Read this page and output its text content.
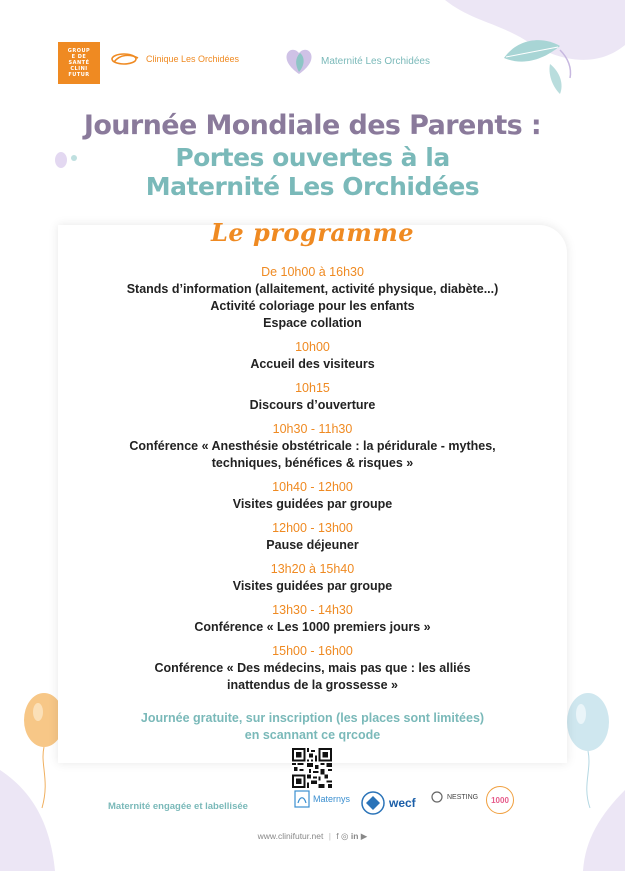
GROUP
E DE
SANTÉ
CLINI
FUTUR
Clinique Les Orchidées	Maternité Les Orchidées
Journée Mondiale des Parents :
Portes ouvertes à la
Maternité Les Orchidées
Le programme
De 10h00 à 16h30
Stands d’information (allaitement, activité physique, diabète...)
Activité coloriage pour les enfants
Espace collation
10h00
Accueil des visiteurs
10h15
Discours d’ouverture
10h30 - 11h30
Conférence « Anesthésie obstétricale : la péridurale - mythes,
techniques, bénéfices & risques »
10h40 - 12h00
Visites guidées par groupe
12h00 - 13h00
Pause déjeuner
13h20 à 15h40
Visites guidées par groupe
13h30 - 14h30
Conférence « Les 1000 premiers jours »
15h00 - 16h00
Conférence « Des médecins, mais pas que : les alliés
inattendus de la grossesse »
Journée gratuite, sur inscription (les places sont limitées)
en scannant ce qrcode
Maternité engagée et labellisée
Maternys	wecf	NESTING 1000
www.clinifutur.net | f ◎ in ▶
